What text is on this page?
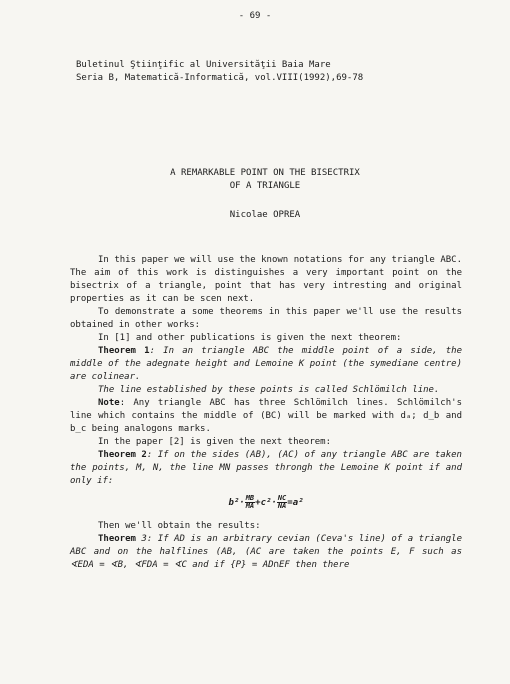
- 69 -
Buletinul Ştiinţific al Universităţii Baia Mare
Seria B, Matematică-Informatică, vol.VIII(1992),69-78
A REMARKABLE POINT ON THE BISECTRIX
OF A TRIANGLE
Nicolae OPREA

In this paper we will use the known notations for any triangle ABC. The aim of this work is distinguishes a very important point on the bisectrix of a triangle, point that has very intresting and original properties as it can be scen next.

To demonstrate a some theorems in this paper we'll use the results obtained in other works:

In [1] and other publications is given the next theorem:

Theorem 1: In an triangle ABC the middle point of a side, the middle of the adegnate height and Lemoine K point (the symediane centre) are colinear.

The line established by these points is called Schlömilch line.

Note: Any triangle ABC has three Schlömilch lines. Schlömilch's line which contains the middle of (BC) will be marked with dₐ; d_b and b_c being analogons marks.

In the paper [2] is given the next theorem:

Theorem 2: If on the sides (AB), (AC) of any triangle ABC are taken the points, M, N, the line MN passes throngh the Lemoine K point if and only if:

$b^2\cdot \frac{MB}{MA} +c^2\cdot \frac{NC}{NA} =a^2$

Then we'll obtain the results:

Theorem 3: If AD is an arbitrary cevian (Ceva's line) of a triangle ABC and on the halflines (AB, (AC are taken the points E, F such as ∢EDA = ∢B, ∢FDA = ∢C and if {P} = AD∩EF then there
